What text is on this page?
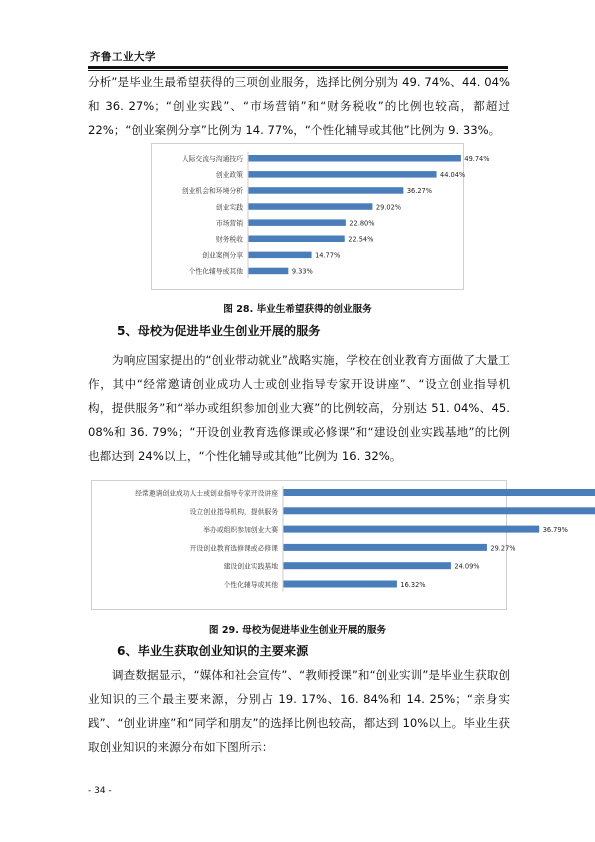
齐鲁工业大学

分析”是毕业生最希望获得的三项创业服务，选择比例分别为 49. 74%、44. 04%和 36. 27%；“创业实践”、“市场营销”和“财务税收”的比例也较高，都超过 22%；“创业案例分享”比例为 14. 77%，“个性化辅导或其他”比例为 9. 33%。

人际交流与沟通技巧	49.74%
创业政策	44.04%
创业机会和环境分析	36.27%
创业实践	29.02%
市场营销	22.80%
财务税收	22.54%
创业案例分享	14.77%
个性化辅导或其他	9.33%
图 28. 毕业生希望获得的创业服务
5、母校为促进毕业生创业开展的服务

为响应国家提出的“创业带动就业”战略实施，学校在创业教育方面做了大量工作，其中“经常邀请创业成功人士或创业指导专家开设讲座”、“设立创业指导机构，提供服务”和“举办或组织参加创业大赛”的比例较高，分别达 51. 04%、45. 08%和 36. 79%；“开设创业教育选修课或必修课”和“建设创业实践基地”的比例也都达到 24%以上，“个性化辅导或其他”比例为 16. 32%。

经常邀请创业成功人士或创业指导专家开设讲座
设立创业指导机构，提供服务
举办或组织参加创业大赛	36.79%
开设创业教育选修课或必修课	29.27%
建设创业实践基地	24.09%
个性化辅导或其他	16.32%
图 29. 母校为促进毕业生创业开展的服务
6、毕业生获取创业知识的主要来源

调查数据显示，“媒体和社会宣传”、“教师授课”和“创业实训”是毕业生获取创业知识的三个最主要来源，分别占 19. 17%、16. 84%和 14. 25%；“亲身实践”、“创业讲座”和“同学和朋友”的选择比例也较高，都达到 10%以上。毕业生获取创业知识的来源分布如下图所示：

- 34 -
